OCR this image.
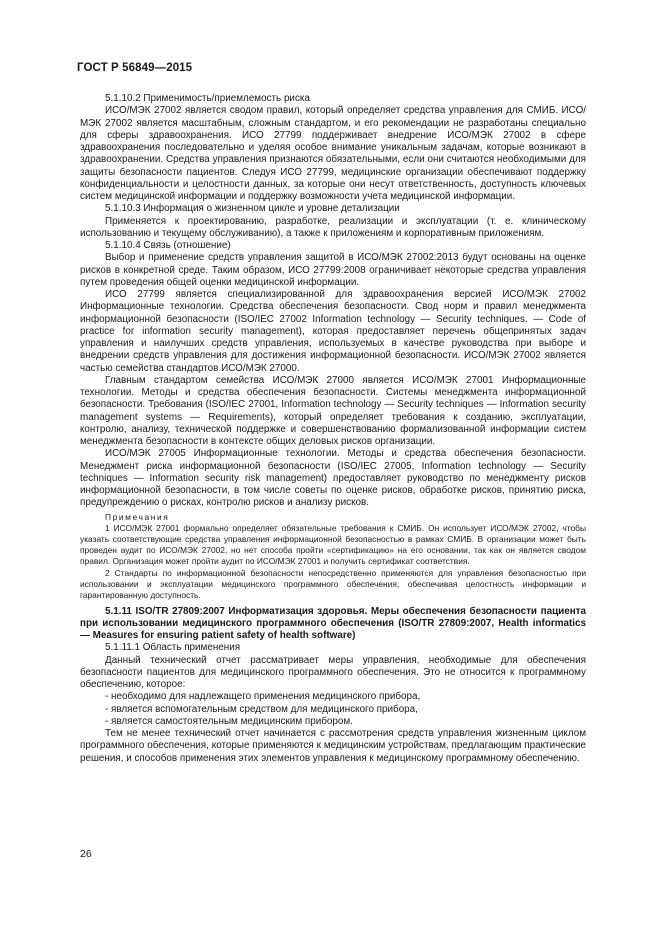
ГОСТ Р 56849—2015

5.1.10.2 Применимость/приемлемость риска

ИСО/МЭК 27002 является сводом правил, который определяет средства управления для СМИБ. ИСО/МЭК 27002 является масштабным, сложным стандартом, и его рекомендации не разработаны специально для сферы здравоохранения. ИСО 27799 поддерживает внедрение ИСО/МЭК 27002 в сфере здравоохранения последовательно и уделяя особое внимание уникальным задачам, которые возникают в здравоохранении. Средства управления признаются обязательными, если они считаются необходимыми для защиты безопасности пациентов. Следуя ИСО 27799, медицинские организации обеспечивают поддержку конфиденциальности и целостности данных, за которые они несут ответственность, доступность ключевых систем медицинской информации и поддержку возможности учета медицинской информации.

5.1.10.3 Информация о жизненном цикле и уровне детализации

Применяется к проектированию, разработке, реализации и эксплуатации (т. е. клиническому использованию и текущему обслуживанию), а также к приложениям и корпоративным приложениям.

5.1.10.4 Связь (отношение)

Выбор и применение средств управления защитой в ИСО/МЭК 27002:2013 будут основаны на оценке рисков в конкретной среде. Таким образом, ИСО 27799:2008 ограничивает некоторые средства управления путем проведения общей оценки медицинской информации.

ИСО 27799 является специализированной для здравоохранения версией ИСО/МЭК 27002 Информационные технологии. Средства обеспечения безопасности. Свод норм и правил менеджмента информационной безопасности (ISO/IEC 27002 Information technology — Security techniques. — Code of practice for information security management), которая предоставляет перечень общепринятых задач управления и наилучших средств управления, используемых в качестве руководства при выборе и внедрении средств управления для достижения информационной безопасности. ИСО/МЭК 27002 является частью семейства стандартов ИСО/МЭК 27000.

Главным стандартом семейства ИСО/МЭК 27000 является ИСО/МЭК 27001 Информационные технологии. Методы и средства обеспечения безопасности. Системы менеджмента информационной безопасности. Требования (ISO/IEC 27001, Information technology — Security techniques — Information security management systems — Requirements), который определяет требования к созданию, эксплуатации, контролю, анализу, технической поддержке и совершенствованию формализованной информации систем менеджмента безопасности в контексте общих деловых рисков организации.

ИСО/МЭК 27005 Информационные технологии. Методы и средства обеспечения безопасности. Менеджмент риска информационной безопасности (ISO/IEC 27005, Information technology — Security techniques — Information security risk management) предоставляет руководство по менеджменту рисков информационной безопасности, в том числе советы по оценке рисков, обработке рисков, принятию риска, предупреждению о рисках, контролю рисков и анализу рисков.

Примечания

1 ИСО/МЭК 27001 формально определяет обязательные требования к СМИБ. Он использует ИСО/МЭК 27002, чтобы указать соответствующие средства управления информационной безопасностью в рамках СМИБ. В организации может быть проведен аудит по ИСО/МЭК 27002, но нет способа пройти «сертификацию» на его основании, так как он является сводом правил. Организация может пройти аудит по ИСО/МЭК 27001 и получить сертификат соответствия.

2 Стандарты по информационной безопасности непосредственно применяются для управления безопасностью при использовании и эксплуатации медицинского программного обеспечения, обеспечивая целостность информации и гарантированную доступность.

5.1.11 ISO/TR 27809:2007 Информатизация здоровья. Меры обеспечения безопасности пациента при использовании медицинского программного обеспечения (ISO/TR 27809:2007, Health informatics — Measures for ensuring patient safety of health software)

5.1.11.1 Область применения

Данный технический отчет рассматривает меры управления, необходимые для обеспечения безопасности пациентов для медицинского программного обеспечения. Это не относится к программному обеспечению, которое:

- необходимо для надлежащего применения медицинского прибора,

- является вспомогательным средством для медицинского прибора,

- является самостоятельным медицинским прибором.

Тем не менее технический отчет начинается с рассмотрения средств управления жизненным циклом программного обеспечения, которые применяются к медицинским устройствам, предлагающим практические решения, и способов применения этих элементов управления к медицинскому программному обеспечению.

26
